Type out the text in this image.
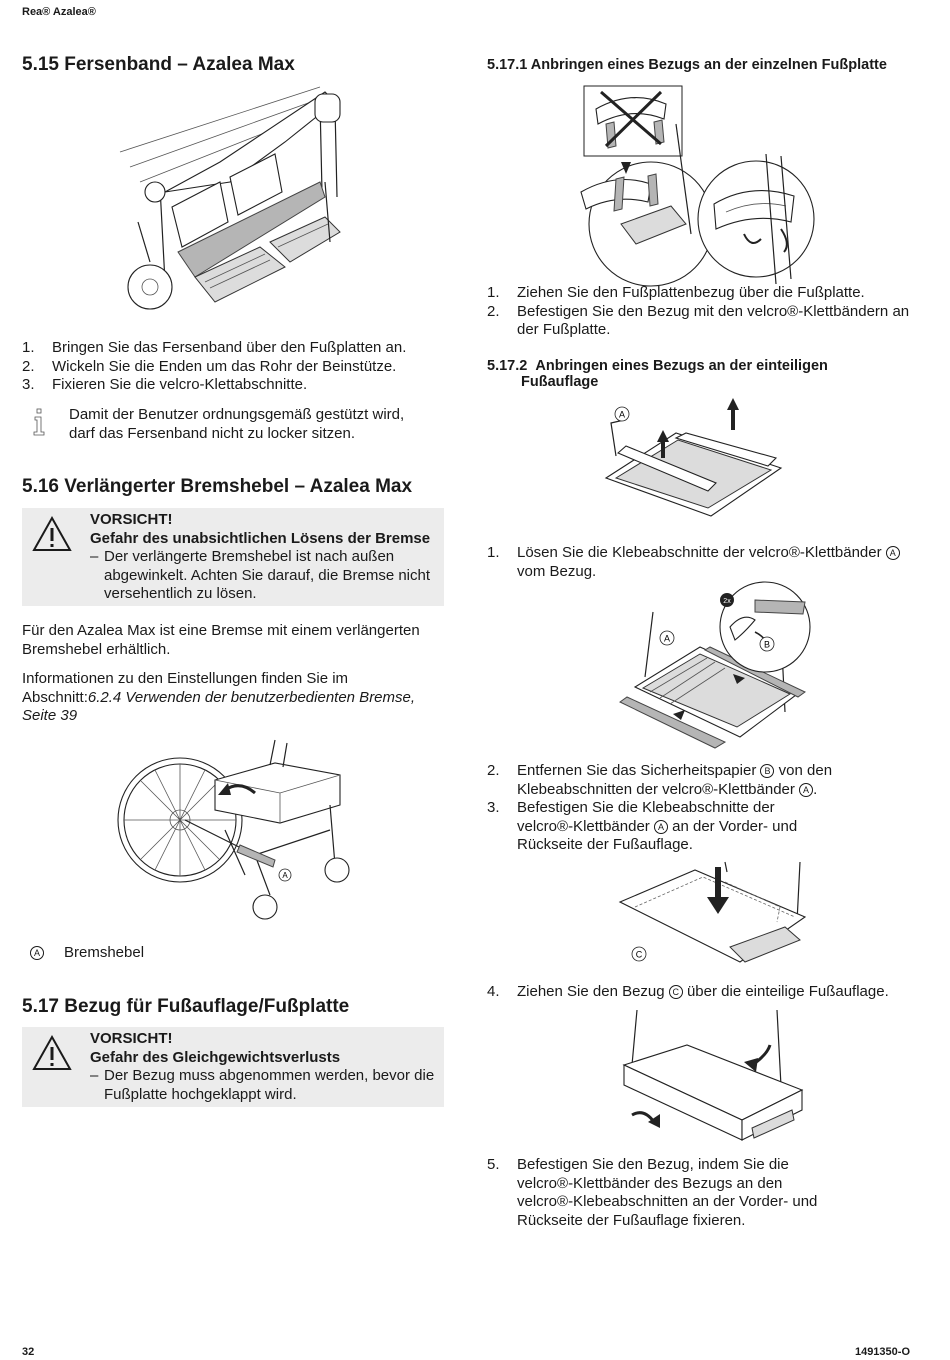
Rea® Azalea®
32	1491350-O
5.15 Fersenband – Azalea Max
1.	Bringen Sie das Fersenband über den Fußplatten an.
2.	Wickeln Sie die Enden um das Rohr der Beinstütze.
3.	Fixieren Sie die velcro-Klettabschnitte.
Damit der Benutzer ordnungsgemäß gestützt wird,
darf das Fersenband nicht zu locker sitzen.
5.16 Verlängerter Bremshebel – Azalea Max
VORSICHT!
Gefahr des unabsichtlichen Lösens der Bremse
– Der verlängerte Bremshebel ist nach außen abgewinkelt. Achten Sie darauf, die Bremse nicht versehentlich zu lösen.
Für den Azalea Max ist eine Bremse mit einem verlängerten Bremshebel erhältlich.
Informationen zu den Einstellungen finden Sie im Abschnitt:6.2.4 Verwenden der benutzerbedienten Bremse, Seite 39
A
A Bremshebel
5.17 Bezug für Fußauflage/Fußplatte
VORSICHT!
Gefahr des Gleichgewichtsverlusts
– Der Bezug muss abgenommen werden, bevor die Fußplatte hochgeklappt wird.
5.17.1 Anbringen eines Bezugs an der einzelnen Fußplatte
1.	Ziehen Sie den Fußplattenbezug über die Fußplatte.
2.	Befestigen Sie den Bezug mit den velcro®-Klettbändern an der Fußplatte.
5.17.2 Anbringen eines Bezugs an der einteiligen
Fußauflage
A
1.	Lösen Sie die Klebeabschnitte der velcro®-Klettbänder A vom Bezug.
2x
A
B
2.	Entfernen Sie das Sicherheitspapier B von den
Klebeabschnitten der velcro®-Klettbänder A .
3.	Befestigen Sie die Klebeabschnitte der velcro®-Klettbänder A an der Vorder- und Rückseite der Fußauflage.
C
4.	Ziehen Sie den Bezug C über die einteilige Fußauflage.
5.	Befestigen Sie den Bezug, indem Sie die velcro®-Klettbänder des Bezugs an den velcro®-Klebeabschnitten an der Vorder- und Rückseite der Fußauflage fixieren.
